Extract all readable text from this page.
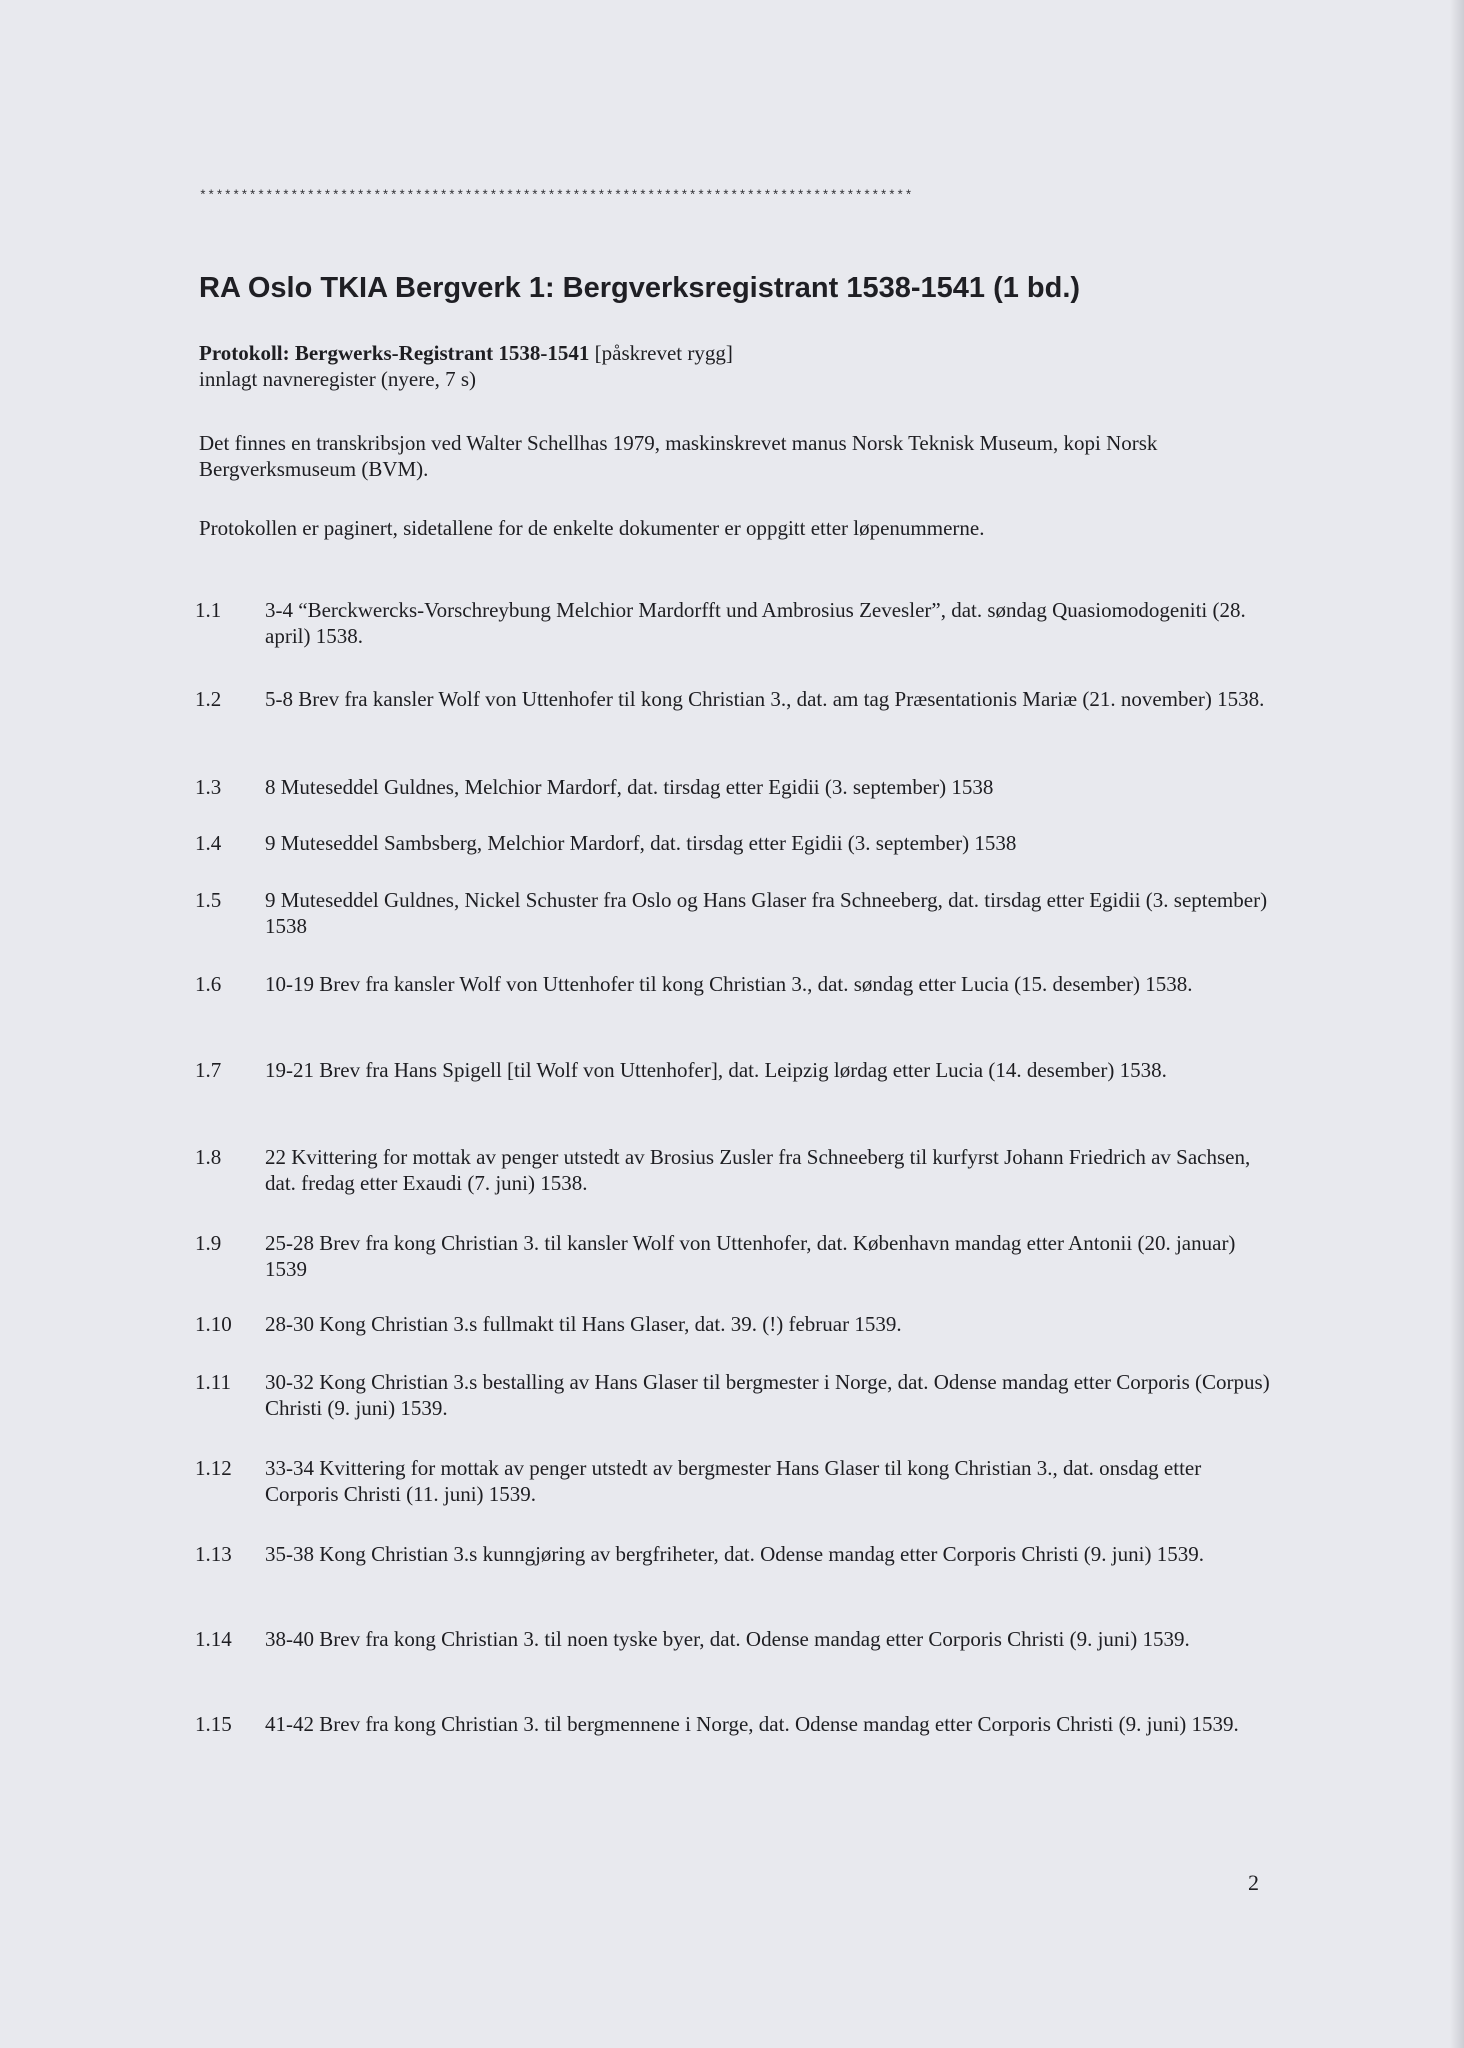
**************************************************************************************
RA Oslo TKIA Bergverk 1: Bergverksregistrant 1538-1541 (1 bd.)
Protokoll: Bergwerks-Registrant 1538-1541 [påskrevet rygg]
innlagt navneregister (nyere, 7 s)
Det finnes en transkribsjon ved Walter Schellhas 1979, maskinskrevet manus Norsk Teknisk Museum, kopi Norsk Bergverksmuseum (BVM).
Protokollen er paginert, sidetallene for de enkelte dokumenter er oppgitt etter løpenummerne.
1.1 3-4 “Berckwercks-Vorschreybung Melchior Mardorfft und Ambrosius Zevesler”, dat. søndag Quasiomodogeniti (28. april) 1538.
1.2 5-8 Brev fra kansler Wolf von Uttenhofer til kong Christian 3., dat. am tag Præsentationis Mariæ (21. november) 1538.
1.3 8 Muteseddel Guldnes, Melchior Mardorf, dat. tirsdag etter Egidii (3. september) 1538
1.4 9 Muteseddel Sambsberg, Melchior Mardorf, dat. tirsdag etter Egidii (3. september) 1538
1.5 9 Muteseddel Guldnes, Nickel Schuster fra Oslo og Hans Glaser fra Schneeberg, dat. tirsdag etter Egidii (3. september) 1538
1.6 10-19 Brev fra kansler Wolf von Uttenhofer til kong Christian 3., dat. søndag etter Lucia (15. desember) 1538.
1.7 19-21 Brev fra Hans Spigell [til Wolf von Uttenhofer], dat. Leipzig lørdag etter Lucia (14. desember) 1538.
1.8 22 Kvittering for mottak av penger utstedt av Brosius Zusler fra Schneeberg til kurfyrst Johann Friedrich av Sachsen, dat. fredag etter Exaudi (7. juni) 1538.
1.9 25-28 Brev fra kong Christian 3. til kansler Wolf von Uttenhofer, dat. København mandag etter Antonii (20. januar) 1539
1.10 28-30 Kong Christian 3.s fullmakt til Hans Glaser, dat. 39. (!) februar 1539.
1.11 30-32 Kong Christian 3.s bestalling av Hans Glaser til bergmester i Norge, dat. Odense mandag etter Corporis (Corpus) Christi (9. juni) 1539.
1.12 33-34 Kvittering for mottak av penger utstedt av bergmester Hans Glaser til kong Christian 3., dat. onsdag etter Corporis Christi (11. juni) 1539.
1.13 35-38 Kong Christian 3.s kunngjøring av bergfriheter, dat. Odense mandag etter Corporis Christi (9. juni) 1539.
1.14 38-40 Brev fra kong Christian 3. til noen tyske byer, dat. Odense mandag etter Corporis Christi (9. juni) 1539.
1.15 41-42 Brev fra kong Christian 3. til bergmennene i Norge, dat. Odense mandag etter Corporis Christi (9. juni) 1539.
2
